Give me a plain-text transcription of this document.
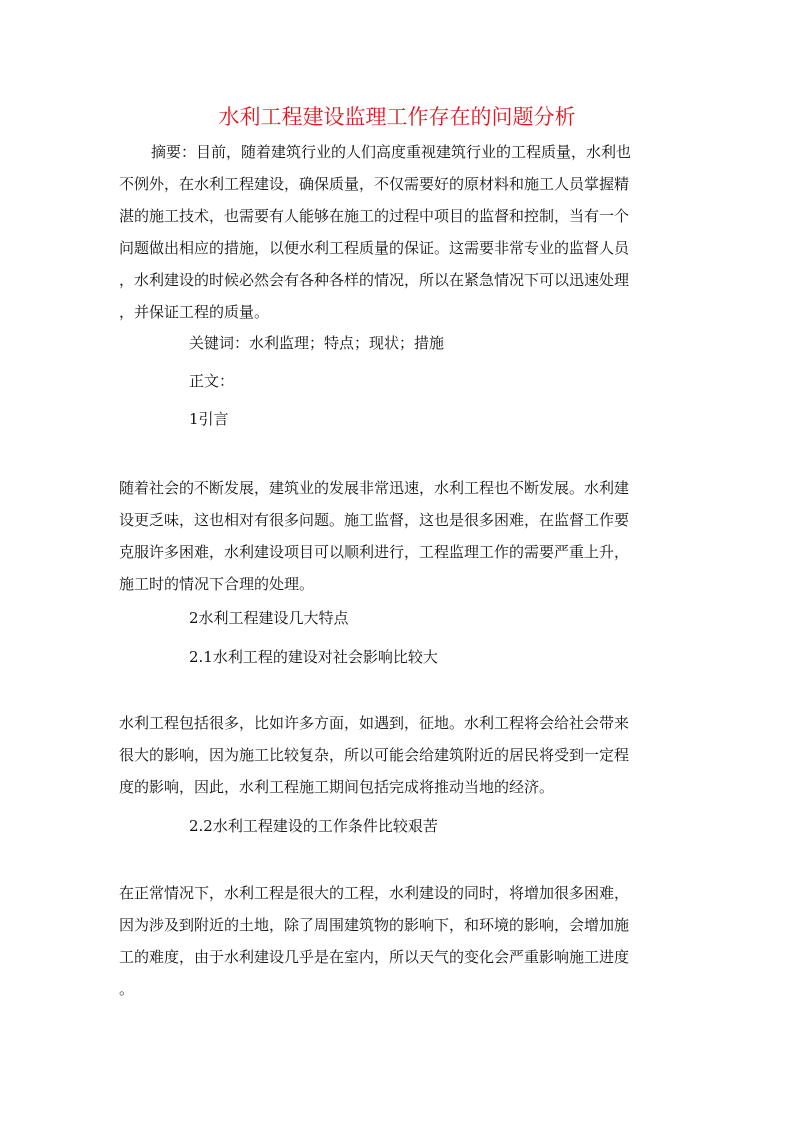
水利工程建设监理工作存在的问题分析
摘要：目前，随着建筑行业的人们高度重视建筑行业的工程质量，水利也
不例外，在水利工程建设，确保质量，不仅需要好的原材料和施工人员掌握精
湛的施工技术，也需要有人能够在施工的过程中项目的监督和控制，当有一个
问题做出相应的措施，以便水利工程质量的保证。这需要非常专业的监督人员
，水利建设的时候必然会有各种各样的情况，所以在紧急情况下可以迅速处理
，并保证工程的质量。
关键词：水利监理；特点；现状；措施
正文：
1引言
随着社会的不断发展，建筑业的发展非常迅速，水利工程也不断发展。水利建
设更乏味，这也相对有很多问题。施工监督，这也是很多困难，在监督工作要
克服许多困难，水利建设项目可以顺利进行，工程监理工作的需要严重上升，
施工时的情况下合理的处理。
2水利工程建设几大特点
2.1水利工程的建设对社会影响比较大
水利工程包括很多，比如许多方面，如遇到，征地。水利工程将会给社会带来
很大的影响，因为施工比较复杂，所以可能会给建筑附近的居民将受到一定程
度的影响，因此，水利工程施工期间包括完成将推动当地的经济。
2.2水利工程建设的工作条件比较艰苦
在正常情况下，水利工程是很大的工程，水利建设的同时，将增加很多困难，
因为涉及到附近的土地，除了周围建筑物的影响下，和环境的影响，会增加施
工的难度，由于水利建设几乎是在室内，所以天气的变化会严重影响施工进度
。
